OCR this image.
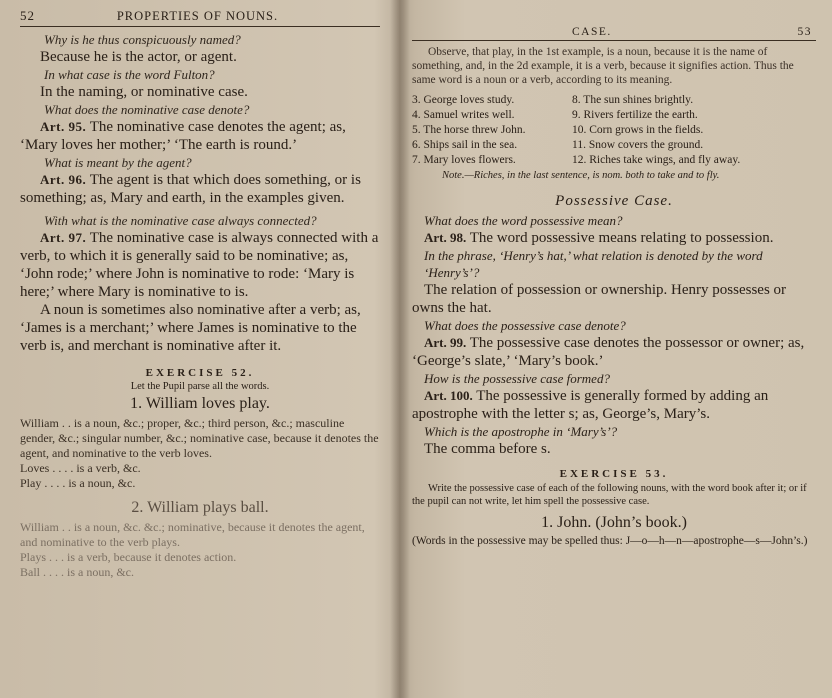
52	PROPERTIES OF NOUNS.

Why is he thus conspicuously named?

Because he is the actor, or agent.

In what case is the word Fulton?

In the naming, or nominative case.

What does the nominative case denote?

Art. 95. The nominative case denotes the agent; as, ‘Mary loves her mother;’ ‘The earth is round.’

What is meant by the agent?

Art. 96. The agent is that which does something, or is something; as, Mary and earth, in the examples given.

With what is the nominative case always connected?

Art. 97. The nominative case is always connected with a verb, to which it is generally said to be nominative; as, ‘John rode;’ where John is nominative to rode: ‘Mary is here;’ where Mary is nominative to is.

A noun is sometimes also nominative after a verb; as, ‘James is a merchant;’ where James is nominative to the verb is, and merchant is nominative after it.

EXERCISE 52.
Let the Pupil parse all the words.
1. William loves play.

William . . is a noun, &c.; proper, &c.; third person, &c.; masculine gender, &c.; singular number, &c.; nominative case, because it denotes the agent, and nominative to the verb loves.

Loves . . . . is a verb, &c.

Play . . . . is a noun, &c.

2. William plays ball.

William . . is a noun, &c. &c.; nominative, because it denotes the agent, and nominative to the verb plays.

Plays . . . is a verb, because it denotes action.

Ball . . . . is a noun, &c.

CASE.	53

Observe, that play, in the 1st example, is a noun, because it is the name of something, and, in the 2d example, it is a verb, because it signifies action. Thus the same word is a noun or a verb, according to its meaning.

3. George loves study.
4. Samuel writes well.
5. The horse threw John.
6. Ships sail in the sea.
7. Mary loves flowers.
8. The sun shines brightly.
9. Rivers fertilize the earth.
10. Corn grows in the fields.
11. Snow covers the ground.
12. Riches take wings, and fly away.

Note.—Riches, in the last sentence, is nom. both to take and to fly.

Possessive Case.

What does the word possessive mean?

Art. 98. The word possessive means relating to possession.

In the phrase, ‘Henry’s hat,’ what relation is denoted by the word ‘Henry’s’?

The relation of possession or ownership. Henry possesses or owns the hat.

What does the possessive case denote?

Art. 99. The possessive case denotes the possessor or owner; as, ‘George’s slate,’ ‘Mary’s book.’

How is the possessive case formed?

Art. 100. The possessive is generally formed by adding an apostrophe with the letter s; as, George’s, Mary’s.

Which is the apostrophe in ‘Mary’s’?

The comma before s.

EXERCISE 53.

Write the possessive case of each of the following nouns, with the word book after it; or if the pupil can not write, let him spell the possessive case.

1. John. (John’s book.)

(Words in the possessive may be spelled thus: J—o—h—n—apostrophe—s—John’s.)
